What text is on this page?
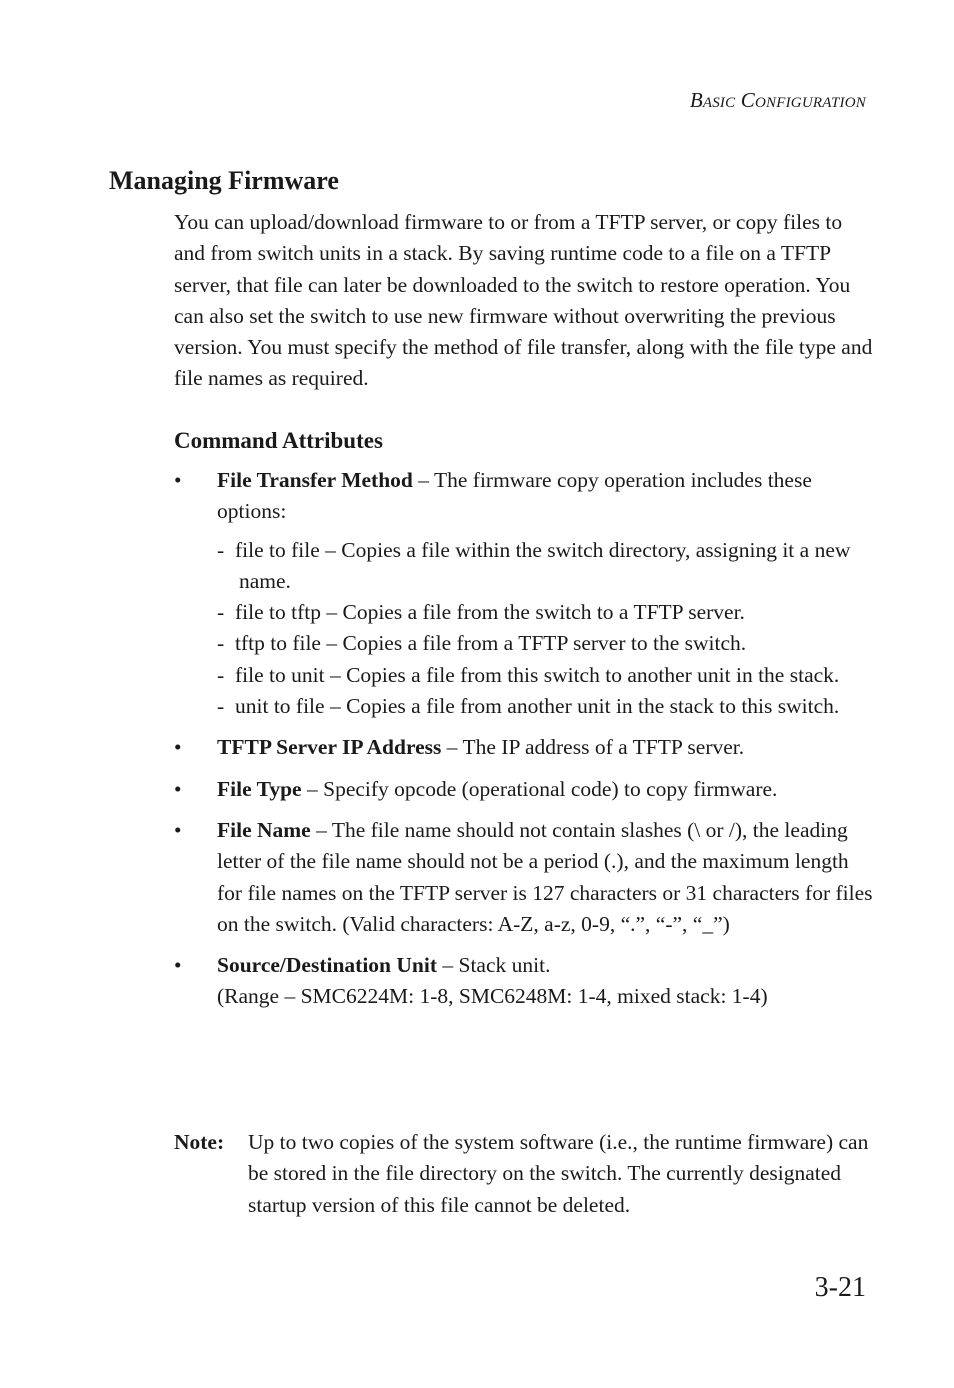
Basic Configuration
Managing Firmware

You can upload/download firmware to or from a TFTP server, or copy files to and from switch units in a stack. By saving runtime code to a file on a TFTP server, that file can later be downloaded to the switch to restore operation. You can also set the switch to use new firmware without overwriting the previous version. You must specify the method of file transfer, along with the file type and file names as required.

Command Attributes
• File Transfer Method – The firmware copy operation includes these options:
- file to file – Copies a file within the switch directory, assigning it a new name.
- file to tftp – Copies a file from the switch to a TFTP server.
- tftp to file – Copies a file from a TFTP server to the switch.
- file to unit – Copies a file from this switch to another unit in the stack.
- unit to file – Copies a file from another unit in the stack to this switch.
• TFTP Server IP Address – The IP address of a TFTP server.
• File Type – Specify opcode (operational code) to copy firmware.
• File Name – The file name should not contain slashes (\ or /), the leading letter of the file name should not be a period (.), and the maximum length for file names on the TFTP server is 127 characters or 31 characters for files on the switch. (Valid characters: A-Z, a-z, 0-9, “.”, “-”, “_”)
• Source/Destination Unit – Stack unit.
(Range – SMC6224M: 1-8, SMC6248M: 1-4, mixed stack: 1-4)
Note: Up to two copies of the system software (i.e., the runtime firmware) can be stored in the file directory on the switch. The currently designated startup version of this file cannot be deleted.
3-21
